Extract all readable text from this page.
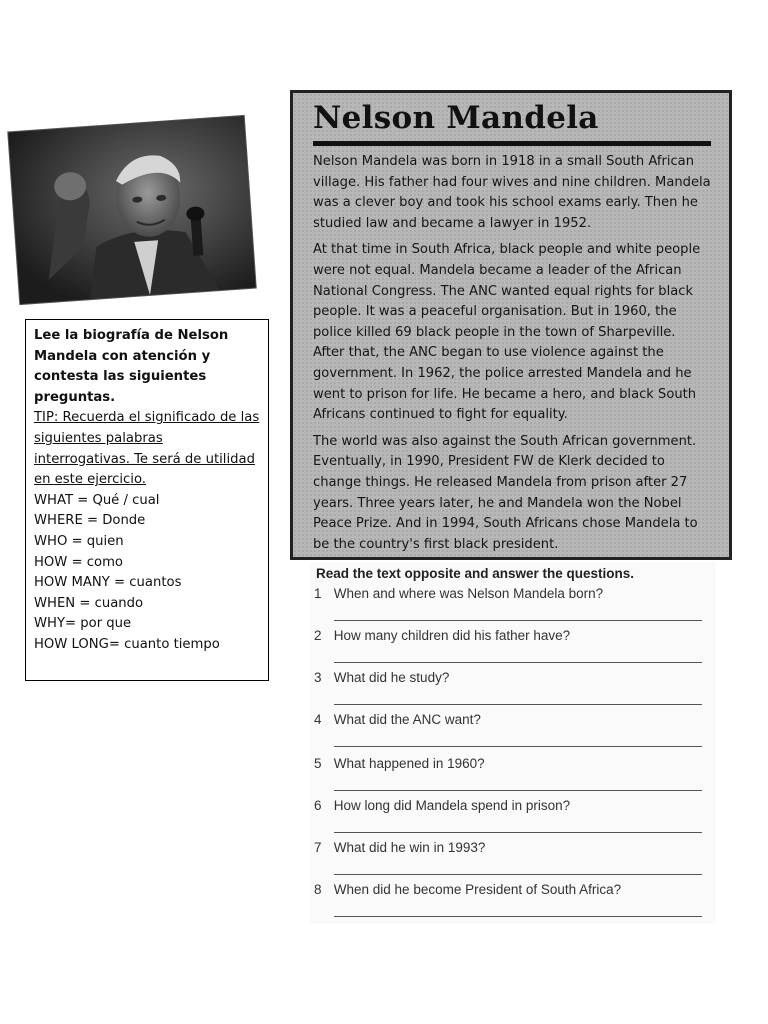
Lee la biografía de Nelson Mandela con atención y contesta las siguientes preguntas.
TIP: Recuerda el significado de las siguientes palabras interrogativas. Te será de utilidad en este ejercicio.
WHAT = Qué / cual
WHERE = Donde
WHO = quien
HOW = como
HOW MANY = cuantos
WHEN = cuando
WHY= por que
HOW LONG= cuanto tiempo
Nelson Mandela

Nelson Mandela was born in 1918 in a small South African village. His father had four wives and nine children. Mandela was a clever boy and took his school exams early. Then he studied law and became a lawyer in 1952.

At that time in South Africa, black people and white people were not equal. Mandela became a leader of the African National Congress. The ANC wanted equal rights for black people. It was a peaceful organisation. But in 1960, the police killed 69 black people in the town of Sharpeville. After that, the ANC began to use violence against the government. In 1962, the police arrested Mandela and he went to prison for life. He became a hero, and black South Africans continued to fight for equality.

The world was also against the South African government. Eventually, in 1990, President FW de Klerk decided to change things. He released Mandela from prison after 27 years. Three years later, he and Mandela won the Nobel Peace Prize. And in 1994, South Africans chose Mandela to be the country's first black president.

Read the text opposite and answer the questions.
1 When and where was Nelson Mandela born?
2 How many children did his father have?
3 What did he study?
4 What did the ANC want?
5 What happened in 1960?
6 How long did Mandela spend in prison?
7 What did he win in 1993?
8 When did he become President of South Africa?
